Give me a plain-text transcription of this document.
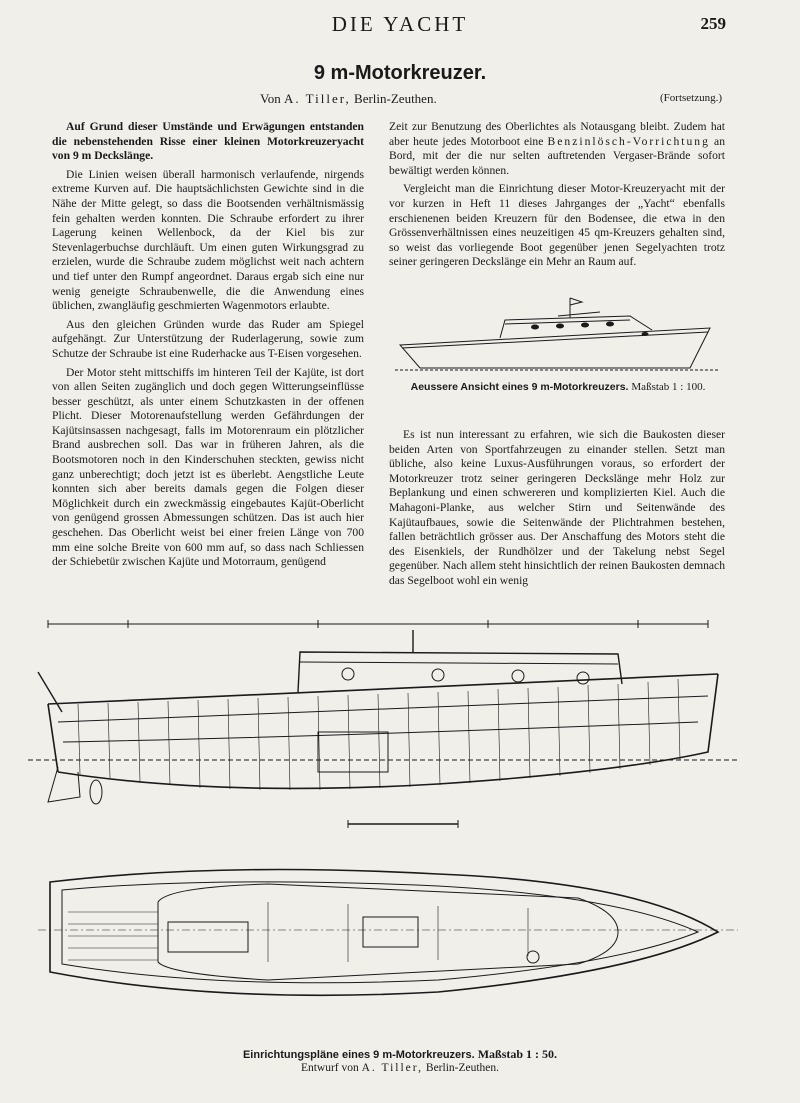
DIE YACHT	259
9 m-Motorkreuzer.
Von A. Tiller, Berlin-Zeuthen.	(Fortsetzung.)

Auf Grund dieser Umstände und Erwägungen entstanden die nebenstehenden Risse einer kleinen Motorkreuzeryacht von 9 m Deckslänge.

Die Linien weisen überall harmonisch verlaufende, nirgends extreme Kurven auf. Die hauptsächlichsten Gewichte sind in die Nähe der Mitte gelegt, so dass die Bootsenden verhältnismässig fein gehalten werden konnten. Die Schraube erfordert zu ihrer Lagerung keinen Wellenbock, da der Kiel bis zur Stevenlagerbuchse durchläuft. Um einen guten Wirkungsgrad zu erzielen, wurde die Schraube zudem möglichst weit nach achtern und tief unter den Rumpf angeordnet. Daraus ergab sich eine nur wenig geneigte Schraubenwelle, die die Anwendung eines üblichen, zwangläufig geschmierten Wagenmotors erlaubte.

Aus den gleichen Gründen wurde das Ruder am Spiegel aufgehängt. Zur Unterstützung der Ruderlagerung, sowie zum Schutze der Schraube ist eine Ruderhacke aus T-Eisen vorgesehen.

Der Motor steht mittschiffs im hinteren Teil der Kajüte, ist dort von allen Seiten zugänglich und doch gegen Witterungseinflüsse besser geschützt, als unter einem Schutzkasten in der offenen Plicht. Dieser Motorenaufstellung werden Gefährdungen der Kajütsinsassen nachgesagt, falls im Motorenraum ein plötzlicher Brand ausbrechen soll. Das war in früheren Jahren, als die Bootsmotoren noch in den Kinderschuhen steckten, gewiss nicht ganz unberechtigt; doch jetzt ist es überlebt. Aengstliche Leute konnten sich aber bereits damals gegen die Folgen dieser Möglichkeit durch ein zweckmässig eingebautes Kajüt-Oberlicht von genügend grossen Abmessungen schützen. Das ist auch hier geschehen. Das Oberlicht weist bei einer freien Länge von 700 mm eine solche Breite von 600 mm auf, so dass nach Schliessen der Schiebetür zwischen Kajüte und Motorraum, genügend

Zeit zur Benutzung des Oberlichtes als Notausgang bleibt. Zudem hat aber heute jedes Motorboot eine Benzinlösch-Vorrichtung an Bord, mit der die nur selten auftretenden Vergaser-Brände sofort bewältigt werden können.

Vergleicht man die Einrichtung dieser Motor-Kreuzeryacht mit der vor kurzen in Heft 11 dieses Jahrganges der „Yacht“ ebenfalls erschienenen beiden Kreuzern für den Bodensee, die etwa in den Grössenverhältnissen eines neuzeitigen 45 qm-Kreuzers gehalten sind, so weist das vorliegende Boot gegenüber jenen Segelyachten trotz seiner geringeren Deckslänge ein Mehr an Raum auf.

Aeussere Ansicht eines 9 m-Motorkreuzers. Maßstab 1 : 100.

Es ist nun interessant zu erfahren, wie sich die Baukosten dieser beiden Arten von Sportfahrzeugen zu einander stellen. Setzt man übliche, also keine Luxus-Ausführungen voraus, so erfordert der Motorkreuzer trotz seiner geringeren Deckslänge mehr Holz zur Beplankung und einen schwereren und komplizierten Kiel. Auch die Mahagoni-Planke, aus welcher Stirn und Seitenwände des Kajütaufbaues, sowie die Seitenwände der Plichtrahmen bestehen, fallen beträchtlich grösser aus. Der Anschaffung des Motors steht die des Eisenkiels, der Rundhölzer und der Takelung nebst Segel gegenüber. Nach allem steht hinsichtlich der reinen Baukosten demnach das Segelboot wohl ein wenig

Einrichtungspläne eines 9 m-Motorkreuzers. Maßstab 1 : 50.
Entwurf von A. Tiller, Berlin-Zeuthen.
